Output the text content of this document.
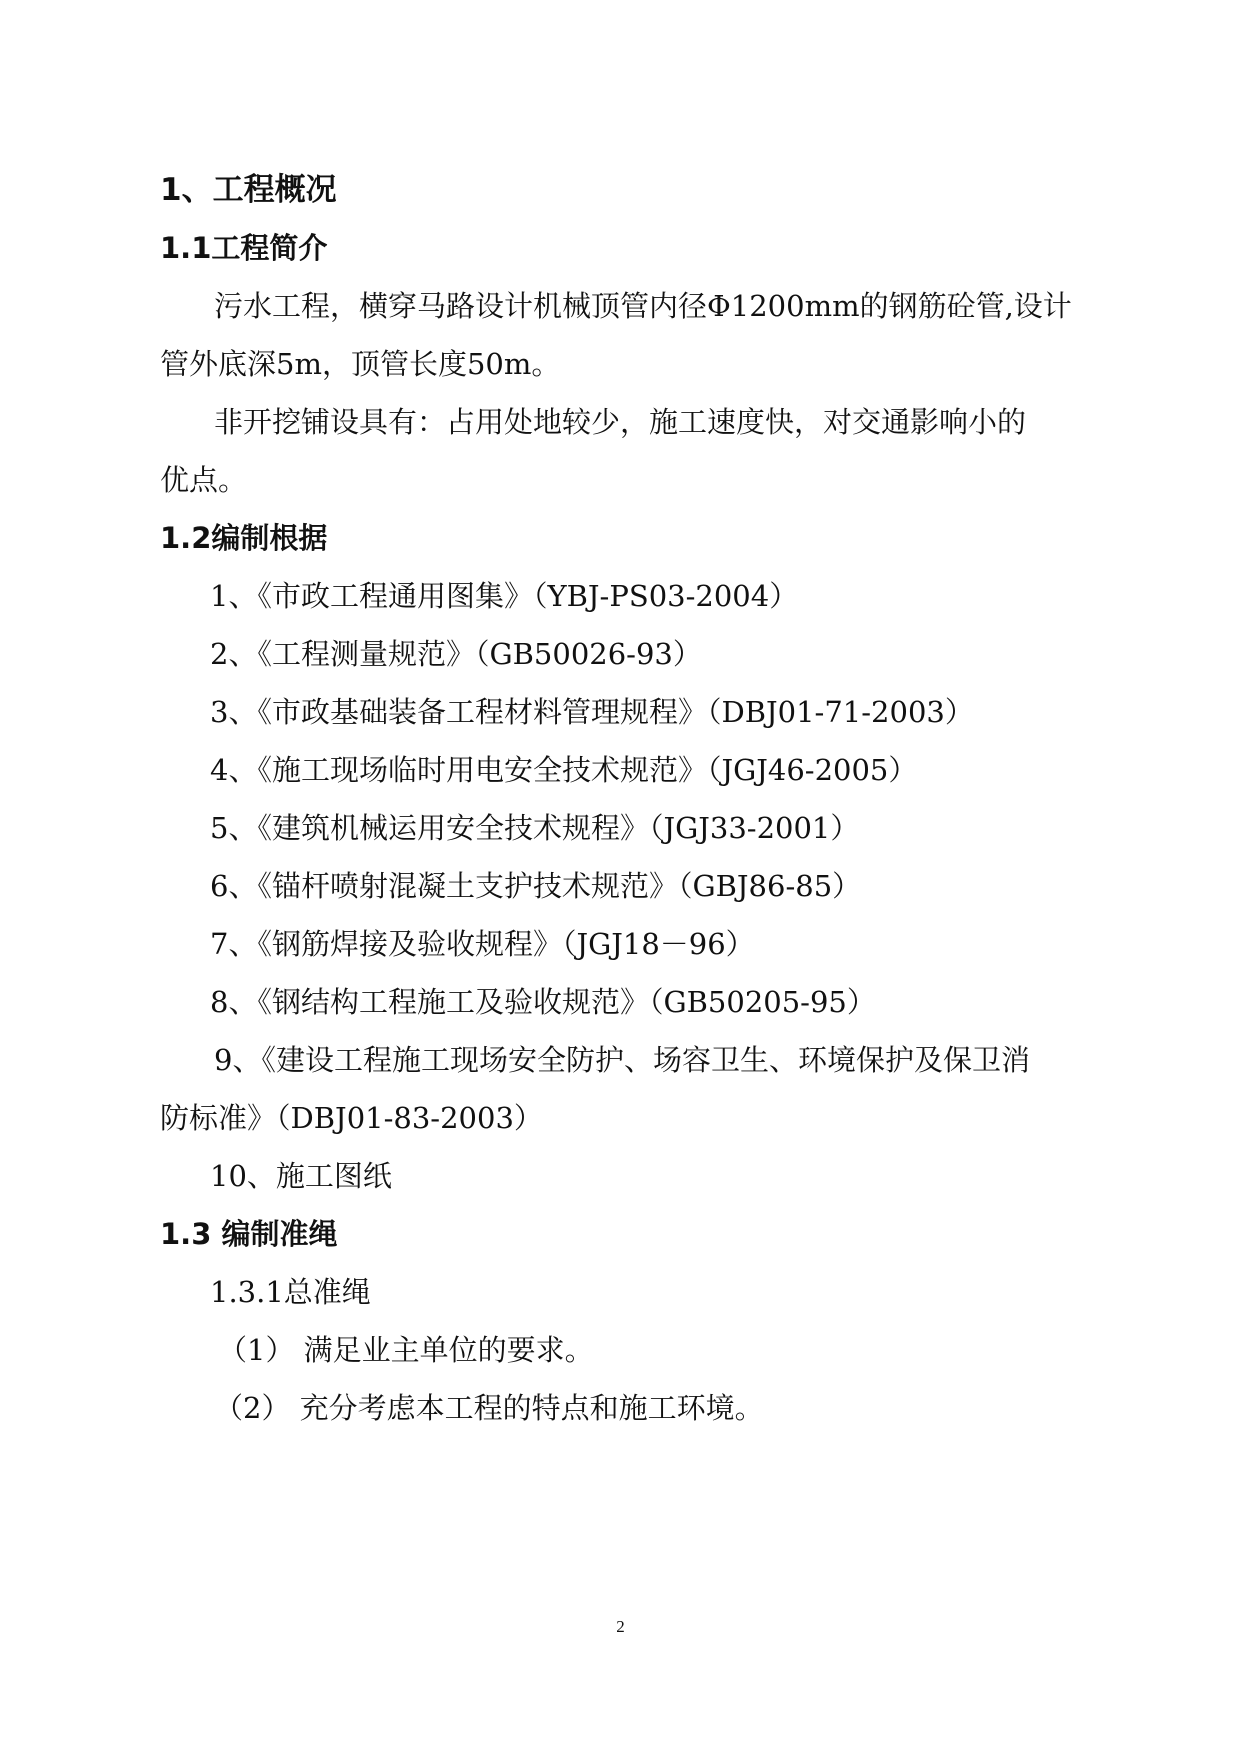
1、工程概况
1.1工程简介
污水工程，横穿马路设计机械顶管内径Φ1200mm的钢筋砼管,设计
管外底深5m，顶管长度50m。
非开挖铺设具有：占用处地较少，施工速度快，对交通影响小的
优点。
1.2编制根据
1、《市政工程通用图集》（YBJ-PS03-2004）
2、《工程测量规范》（GB50026-93）
3、《市政基础装备工程材料管理规程》（DBJ01-71-2003）
4、《施工现场临时用电安全技术规范》（JGJ46-2005）
5、《建筑机械运用安全技术规程》（JGJ33-2001）
6、《锚杆喷射混凝土支护技术规范》（GBJ86-85）
7、《钢筋焊接及验收规程》（JGJ18－96）
8、《钢结构工程施工及验收规范》（GB50205-95）
9、《建设工程施工现场安全防护、场容卫生、环境保护及保卫消
防标准》（DBJ01-83-2003）
10、施工图纸
1.3 编制准绳
1.3.1总准绳
（1） 满足业主单位的要求。
（2） 充分考虑本工程的特点和施工环境。
2
